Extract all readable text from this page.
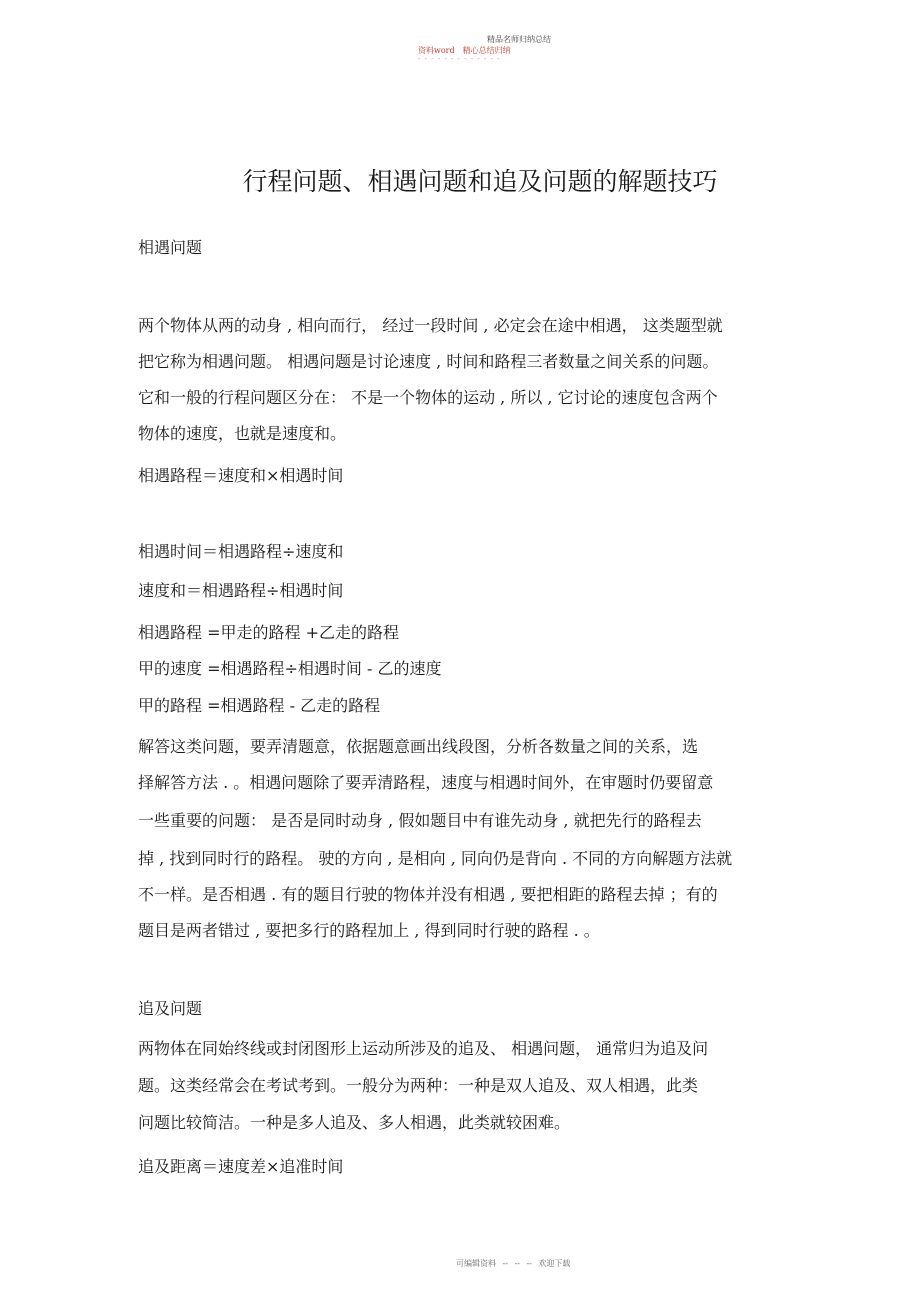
精品名师归纳总结
资料word 精心总结归纳
- - - - - - - - - - - - -
行程问题、相遇问题和追及问题的解题技巧
相遇问题
两个物体从两的动身 , 相向而行， 经过一段时间 , 必定会在途中相遇， 这类题型就
把它称为相遇问题。 相遇问题是讨论速度 , 时间和路程三者数量之间关系的问题。
它和一般的行程问题区分在： 不是一个物体的运动 , 所以 , 它讨论的速度包含两个
物体的速度，也就是速度和。
相遇路程＝速度和×相遇时间
相遇时间＝相遇路程÷速度和
速度和＝相遇路程÷相遇时间
相遇路程 =甲走的路程 +乙走的路程
甲的速度 =相遇路程÷相遇时间 - 乙的速度
甲的路程 =相遇路程 - 乙走的路程
解答这类问题，要弄清题意，依据题意画出线段图，分析各数量之间的关系，选
择解答方法 . 。相遇问题除了要弄清路程，速度与相遇时间外，在审题时仍要留意
一些重要的问题： 是否是同时动身 , 假如题目中有谁先动身 , 就把先行的路程去
掉 , 找到同时行的路程。 驶的方向 , 是相向 , 同向仍是背向 . 不同的方向解题方法就
不一样。是否相遇 . 有的题目行驶的物体并没有相遇 , 要把相距的路程去掉 ；有的
题目是两者错过 , 要把多行的路程加上 , 得到同时行驶的路程 . 。
追及问题
两物体在同始终线或封闭图形上运动所涉及的追及、 相遇问题， 通常归为追及问
题。这类经常会在考试考到。一般分为两种：一种是双人追及、双人相遇，此类
问题比较简洁。一种是多人追及、多人相遇，此类就较困难。
追及距离＝速度差×追准时间
可编辑资料 -- -- -- 欢迎下载
